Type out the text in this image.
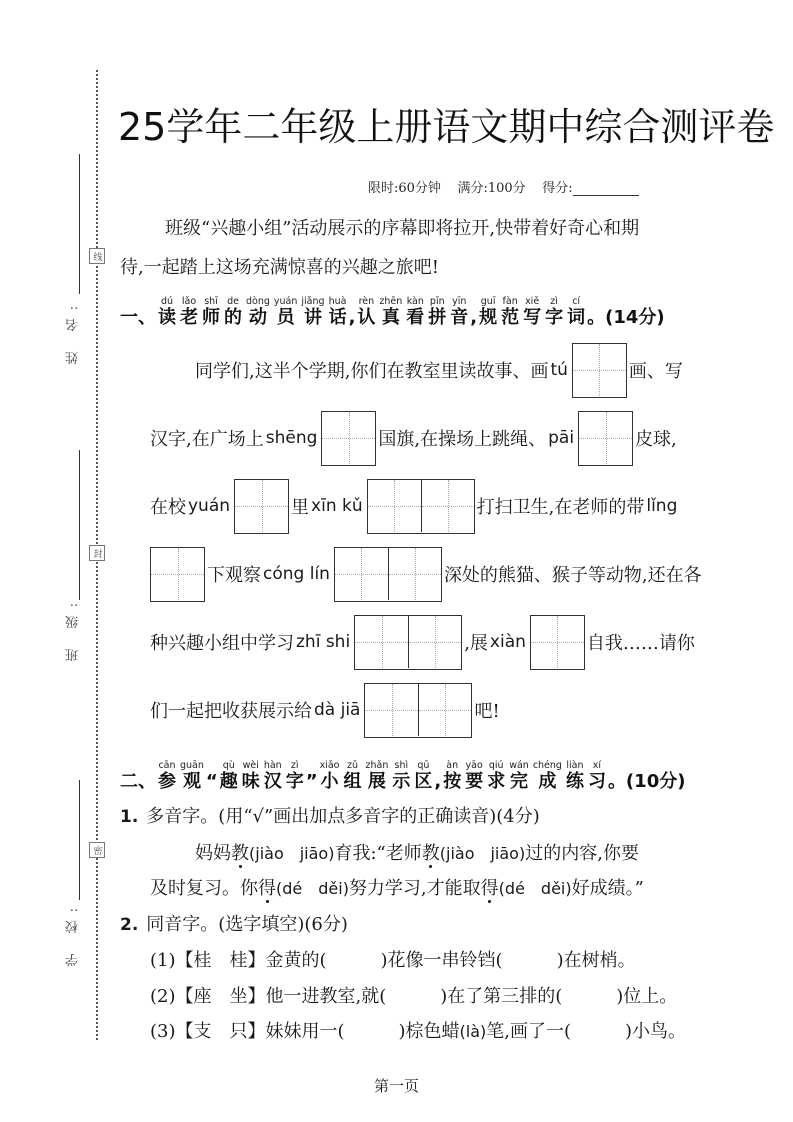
线
封
密
姓 名:
班 级:
学 校:
25学年二年级上册语文期中综合测评卷
限时:60分钟 满分:100分 得分:
班级“兴趣小组”活动展示的序幕即将拉开,快带着好奇心和期
待,一起踏上这场充满惊喜的兴趣之旅吧!
一、 读dú老lǎo师shī的de动dòng员yuán讲jiǎng话huà, 认rèn真zhēn看kàn拼pīn音yīn, 规guī范fàn写xiě字zì词cí。(14分)
同学们,这半个学期,你们在教室里读故事、画 tú	画、写
汉字,在广场上 shēng	国旗,在操场上跳绳、 pāi	皮球,
在校 yuán	里 xīn kǔ	打扫卫生,在老师的带 lǐng
下观察 cóng lín	深处的熊猫、猴子等动物,还在各
种兴趣小组中学习 zhī shi	,展 xiàn	自我……请你
们一起把收获展示给 dà jiā	吧!
二、 参cān观guān“ 趣qù味wèi汉hàn字zì” 小xiǎo组zǔ展zhǎn示shì区qū, 按àn要yāo求qiú完wán成chéng练liàn习xí。(10分)
1. 多音字。(用“√”画出加点多音字的正确读音)(4分)
妈妈教(jiào　jiāo)育我:“老师教(jiào　jiāo)过的内容,你要
及时复习。你得(dé　děi)努力学习,才能取得(dé　děi)好成绩。”
2. 同音字。(选字填空)(6分)
(1)【桂　桂】金黄的(　　　)花像一串铃铛(　　　)在树梢。
(2)【座　坐】他一进教室,就(　　　)在了第三排的(　　　)位上。
(3)【支　只】妹妹用一(　　　)棕色蜡(là)笔,画了一(　　　)小鸟。
第一页
